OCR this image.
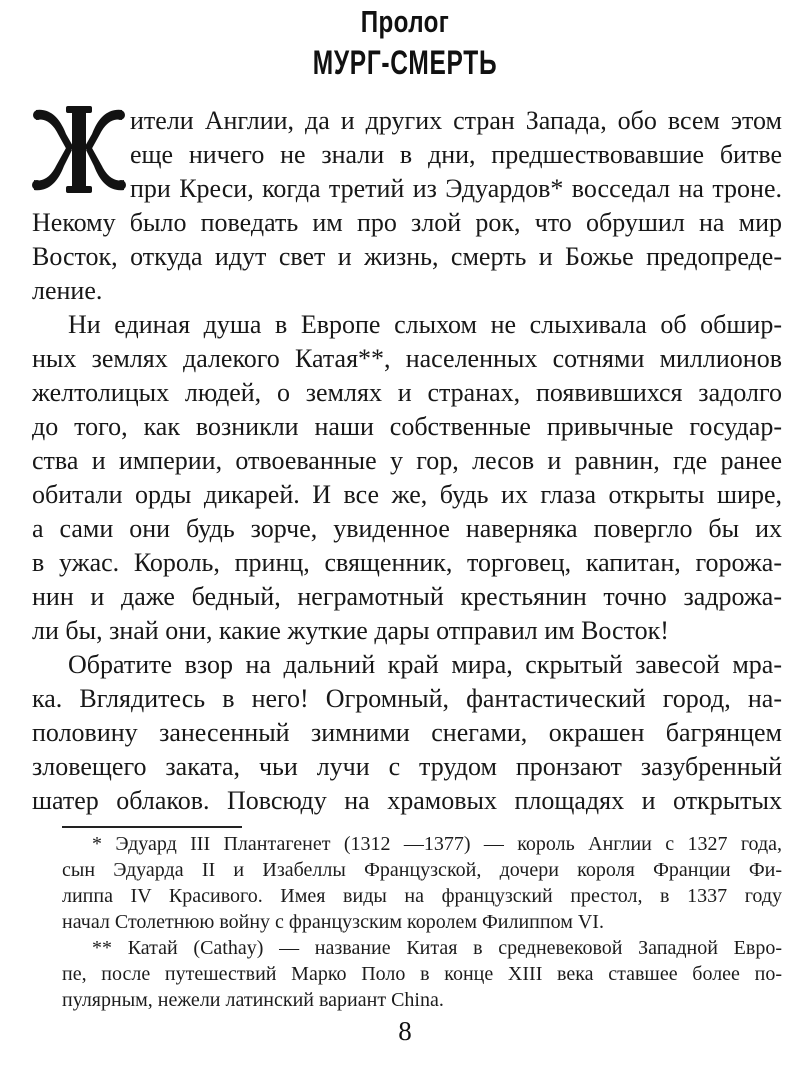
Пролог
МУРГ-СМЕРТЬ
ители Англии, да и других стран Запада, обо всем этом
еще ничего не знали в дни, предшествовавшие битве
при Креси, когда третий из Эдуардов* восседал на троне.
Некому было поведать им про злой рок, что обрушил на мир
Восток, откуда идут свет и жизнь, смерть и Божье предопреде-
ление.
Ни единая душа в Европе слыхом не слыхивала об обшир-
ных землях далекого Катая**, населенных сотнями миллионов
желтолицых людей, о землях и странах, появившихся задолго
до того, как возникли наши собственные привычные государ-
ства и империи, отвоеванные у гор, лесов и равнин, где ранее
обитали орды дикарей. И все же, будь их глаза открыты шире,
а сами они будь зорче, увиденное наверняка повергло бы их
в ужас. Король, принц, священник, торговец, капитан, горожа-
нин и даже бедный, неграмотный крестьянин точно задрожа-
ли бы, знай они, какие жуткие дары отправил им Восток!
Обратите взор на дальний край мира, скрытый завесой мра-
ка. Вглядитесь в него! Огромный, фантастический город, на-
половину занесенный зимними снегами, окрашен багрянцем
зловещего заката, чьи лучи с трудом пронзают зазубренный
шатер облаков. Повсюду на храмовых площадях и открытых
* Эдуард III Плантагенет (1312 —1377) — король Англии с 1327 года,
сын Эдуарда II и Изабеллы Французской, дочери короля Франции Фи-
липпа IV Красивого. Имея виды на французский престол, в 1337 году
начал Столетнюю войну с французским королем Филиппом VI.
** Катай (Cathay) — название Китая в средневековой Западной Евро-
пе, после путешествий Марко Поло в конце XIII века ставшее более по-
пулярным, нежели латинский вариант China.
8
